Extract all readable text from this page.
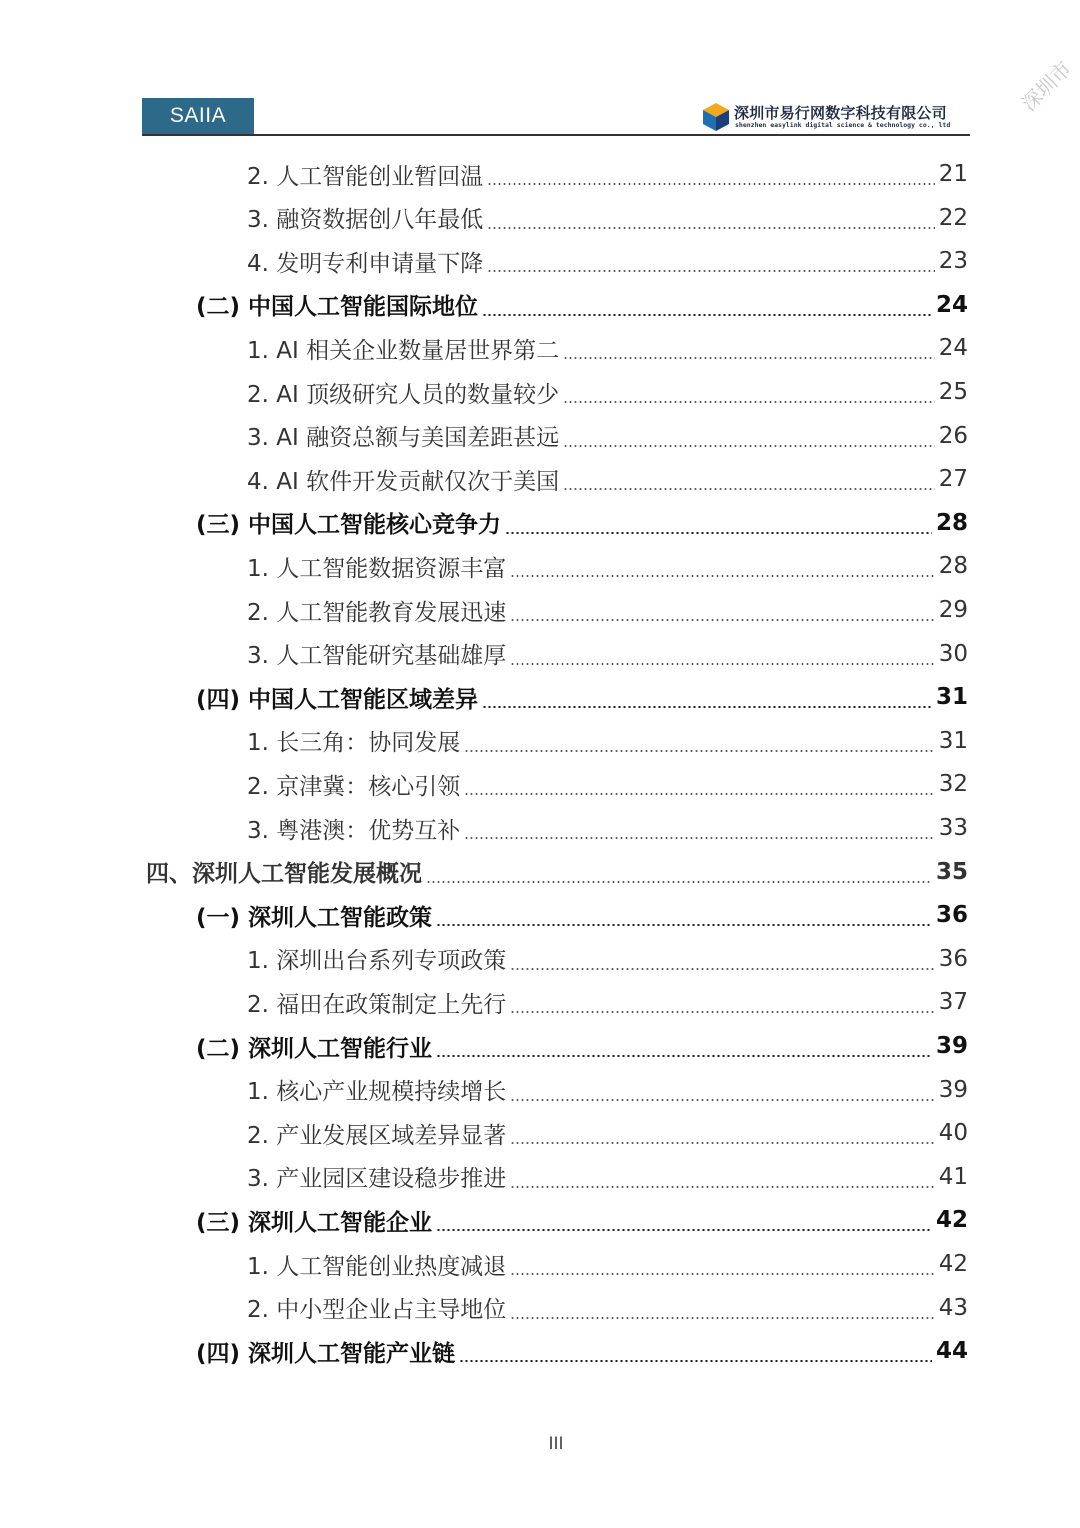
SAIIA	深圳市易行网数字科技有限公司
shenzhen easylink digital science & technology co., ltd
深圳市
2. 人工智能创业暂回温	21
3. 融资数据创八年最低	22
4. 发明专利申请量下降	23
(二) 中国人工智能国际地位	24
1. AI 相关企业数量居世界第二	24
2. AI 顶级研究人员的数量较少	25
3. AI 融资总额与美国差距甚远	26
4. AI 软件开发贡献仅次于美国	27
(三) 中国人工智能核心竞争力	28
1. 人工智能数据资源丰富	28
2. 人工智能教育发展迅速	29
3. 人工智能研究基础雄厚	30
(四) 中国人工智能区域差异	31
1. 长三角：协同发展	31
2. 京津冀：核心引领	32
3. 粤港澳：优势互补	33
四、深圳人工智能发展概况	35
(一) 深圳人工智能政策	36
1. 深圳出台系列专项政策	36
2. 福田在政策制定上先行	37
(二) 深圳人工智能行业	39
1. 核心产业规模持续增长	39
2. 产业发展区域差异显著	40
3. 产业园区建设稳步推进	41
(三) 深圳人工智能企业	42
1. 人工智能创业热度减退	42
2. 中小型企业占主导地位	43
(四) 深圳人工智能产业链	44
III
